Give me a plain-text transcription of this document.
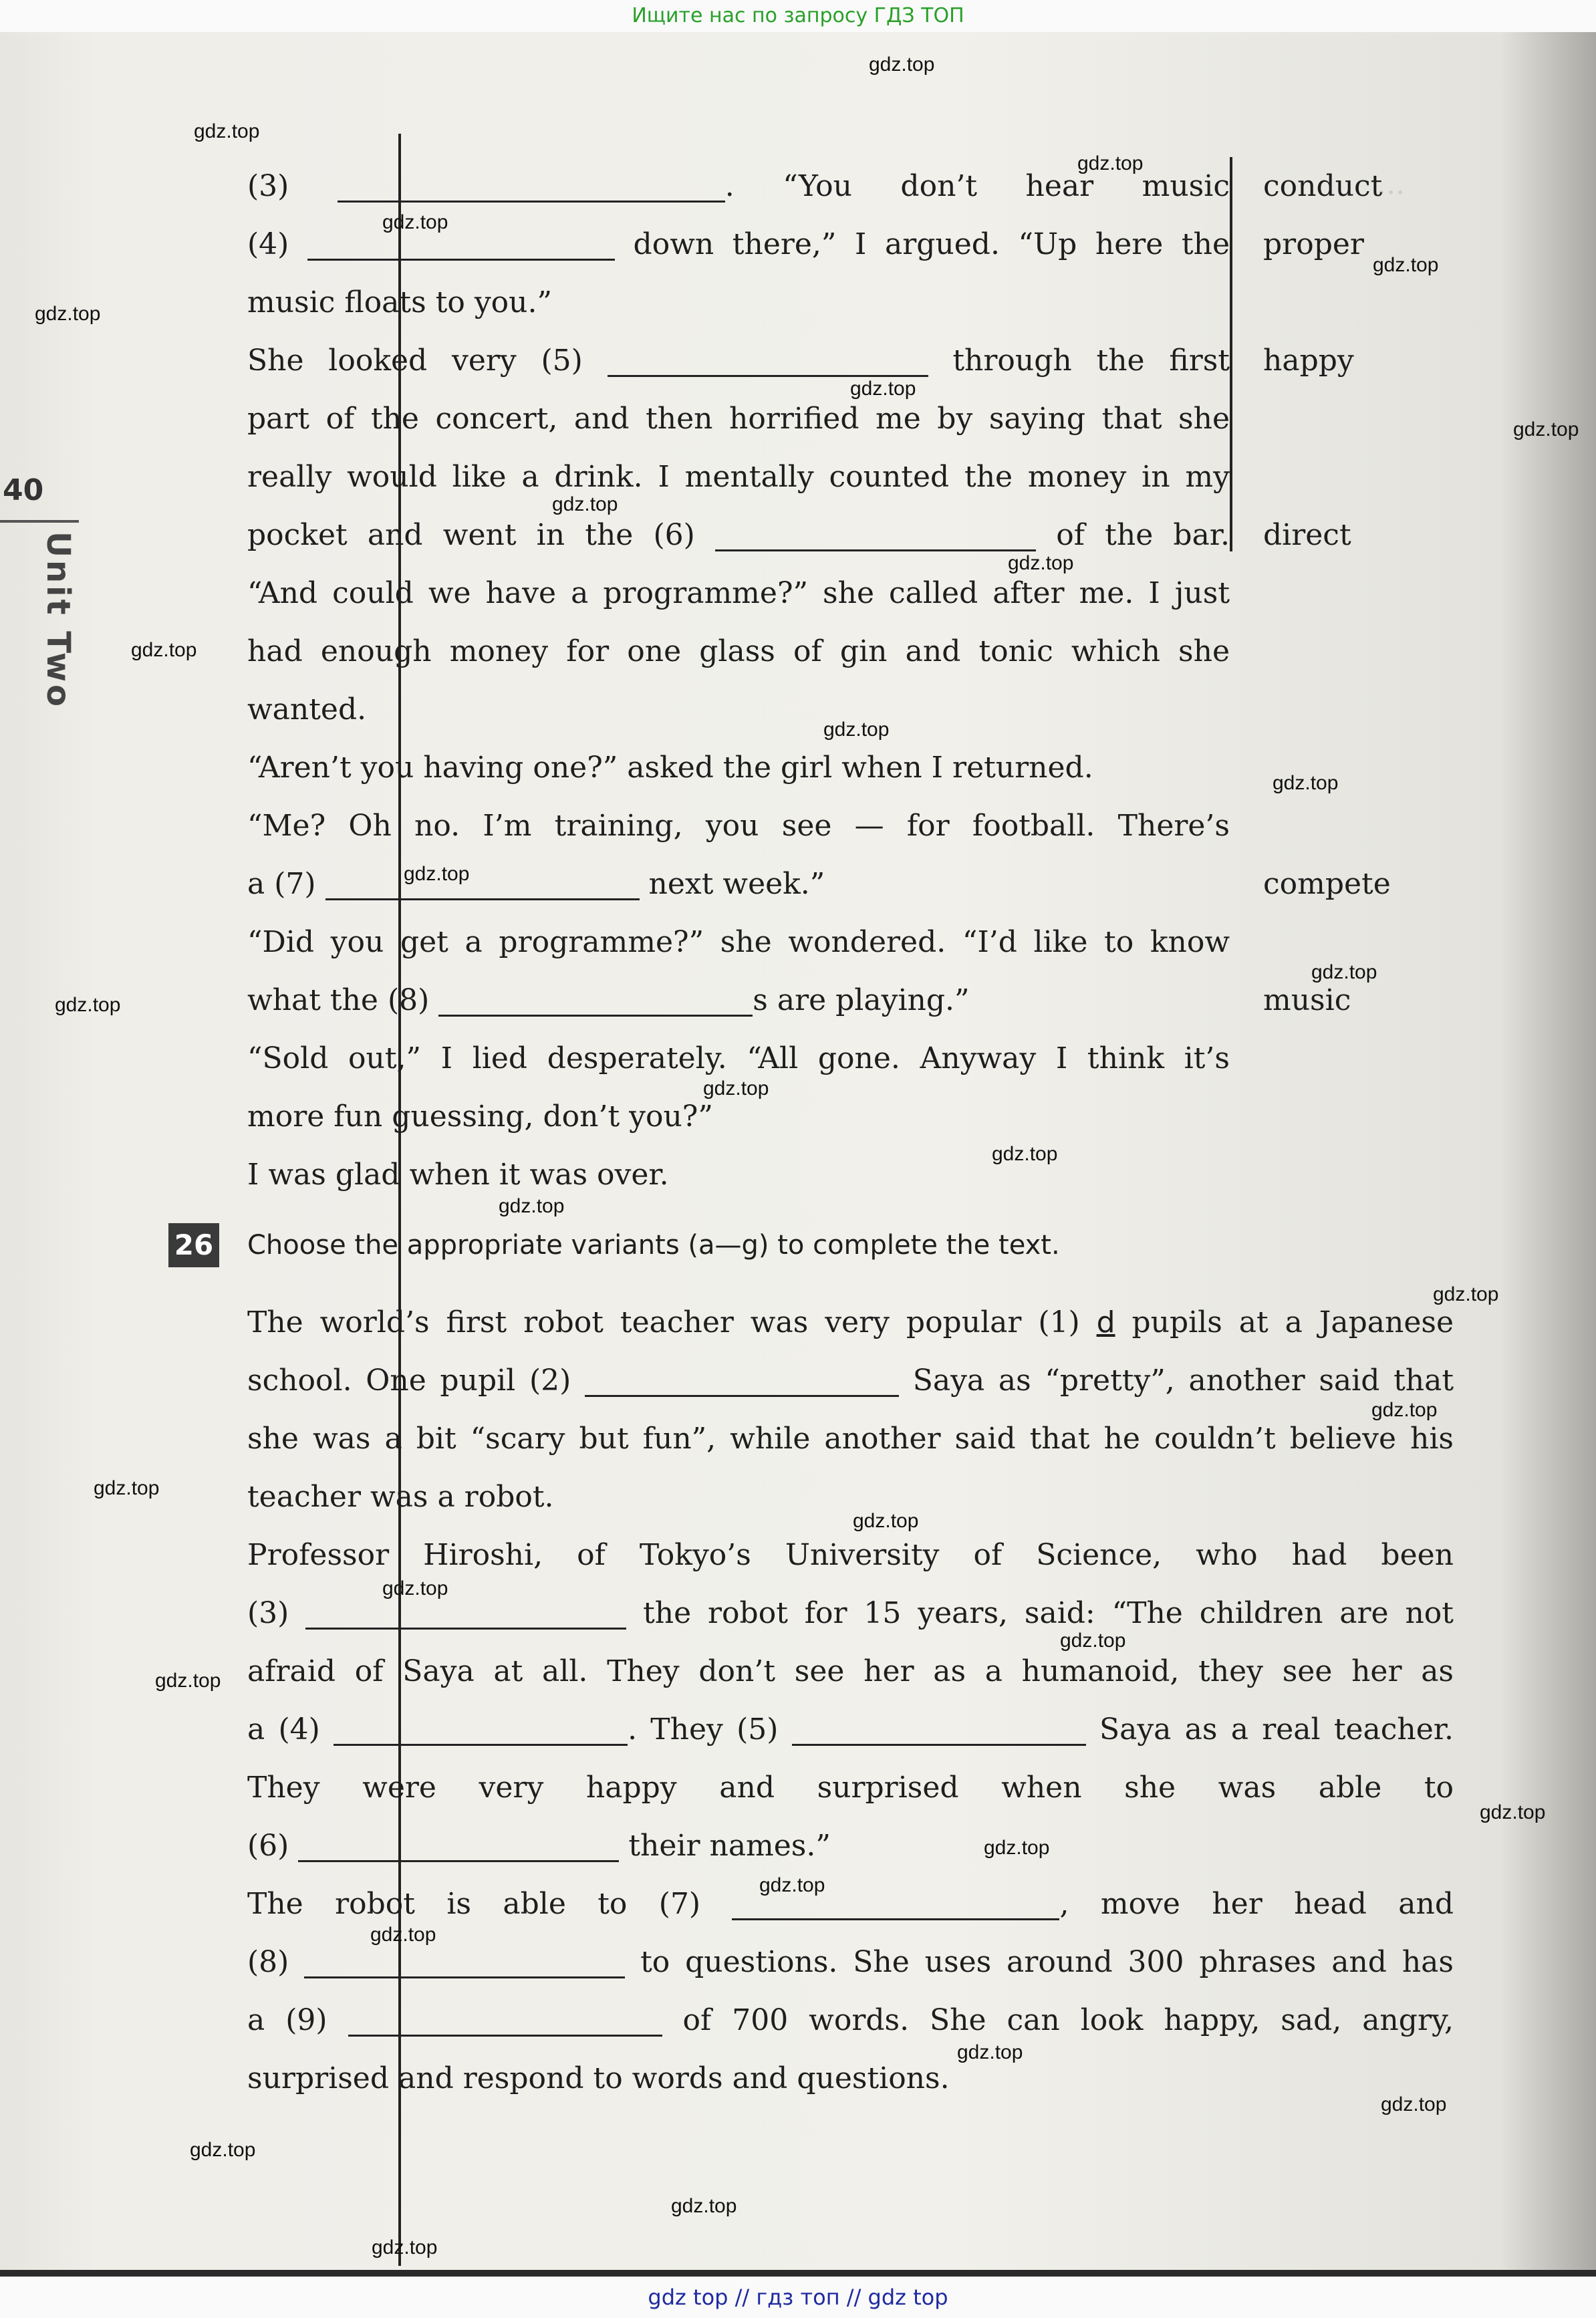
...
Ищите нас по запросу ГДЗ ТОП
40
Unit Two
(3)	. “You don’t hear music
(4)	down there,” I argued. “Up here the
music floats to you.”
She looked very (5)	through the first
part of the concert, and then horrified me by saying that she
really would like a drink. I mentally counted the money in my
pocket and went in the (6)	of the bar.
“And could we have a programme?” she called after me. I just
had enough money for one glass of gin and tonic which she
wanted.
“Aren’t you having one?” asked the girl when I returned.
“Me? Oh no. I’m training, you see — for football. There’s
a (7)	next week.”
“Did you get a programme?” she wondered. “I’d like to know
what the (8)	s are playing.”
“Sold out,” I lied desperately. “All gone. Anyway I think it’s
more fun guessing, don’t you?”
I was glad when it was over.
conduct
proper
happy
direct
compete
music
26 Choose the appropriate variants (a—g) to complete the text.
The world’s first robot teacher was very popular (1) d pupils at a Japanese
school. One pupil (2)	Saya as “pretty”, another said that
she was a bit “scary but fun”, while another said that he couldn’t believe his
teacher was a robot.
Professor Hiroshi, of Tokyo’s University of Science, who had been
(3)	the robot for 15 years, said: “The children are not
afraid of Saya at all. They don’t see her as a humanoid, they see her as
a (4)	. They (5)	Saya as a real teacher.
They were very happy and surprised when she was able to
(6)	their names.”
The robot is able to (7)	, move her head and
(8)	to questions. She uses around 300 phrases and has
a (9)	of 700 words. She can look happy, sad, angry,
surprised and respond to words and questions.
gdz.top
gdz.top
gdz.top
gdz.top
gdz.top
gdz.top
gdz.top
gdz.top
gdz.top
gdz.top
gdz.top
gdz.top
gdz.top
gdz.top
gdz.top
gdz.top
gdz.top
gdz.top
gdz.top
gdz.top
gdz.top
gdz.top
gdz.top
gdz.top
gdz.top
gdz.top
gdz.top
gdz.top
gdz.top
gdz.top
gdz.top
gdz.top
gdz.top
gdz.top
gdz.top
gdz top // гдз топ // gdz top
